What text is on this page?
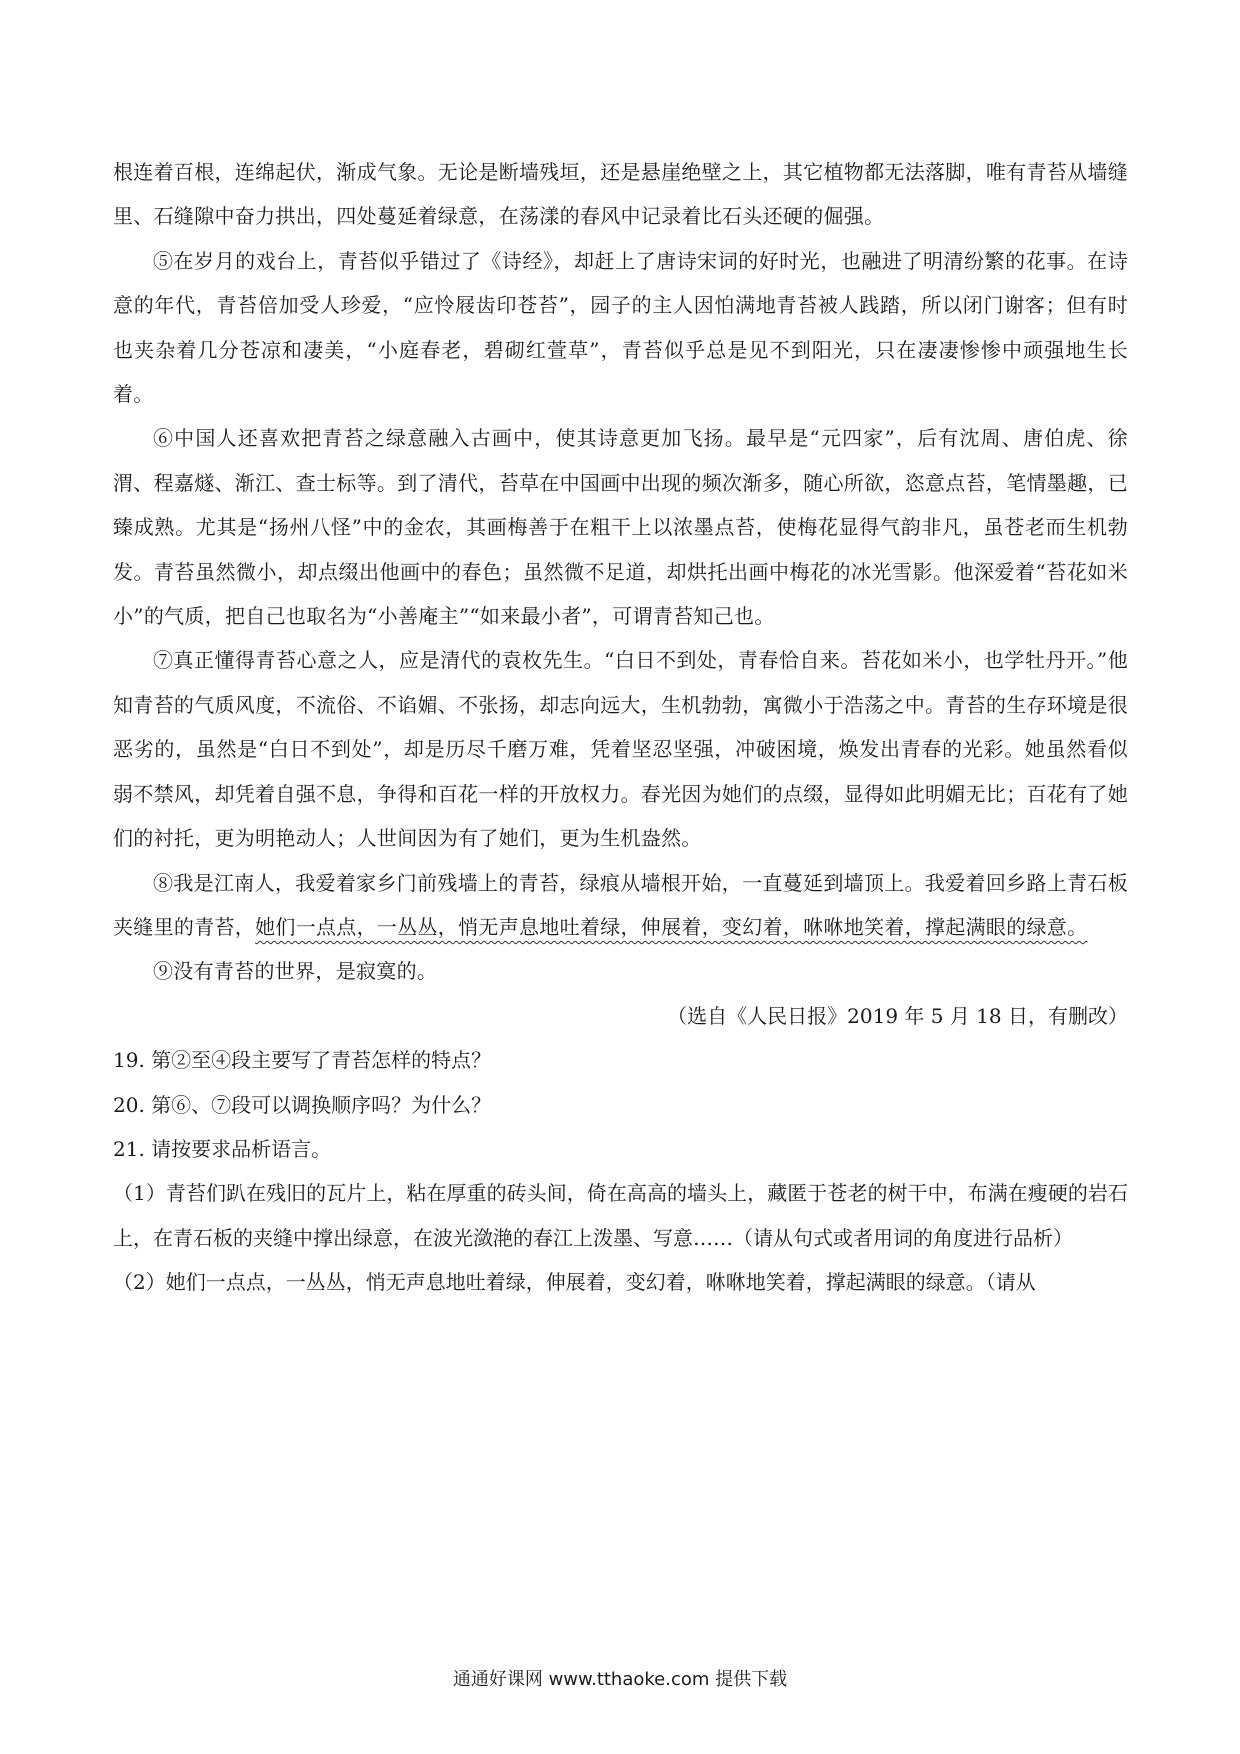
根连着百根，连绵起伏，渐成气象。无论是断墙残垣，还是悬崖绝壁之上，其它植物都无法落脚，唯有青苔从墙缝里、石缝隙中奋力拱出，四处蔓延着绿意，在荡漾的春风中记录着比石头还硬的倔强。

⑤在岁月的戏台上，青苔似乎错过了《诗经》，却赶上了唐诗宋词的好时光，也融进了明清纷繁的花事。在诗意的年代，青苔倍加受人珍爱，“应怜屐齿印苍苔”，园子的主人因怕满地青苔被人践踏，所以闭门谢客；但有时也夹杂着几分苍凉和凄美，“小庭春老，碧砌红萱草”，青苔似乎总是见不到阳光，只在凄凄惨惨中顽强地生长着。

⑥中国人还喜欢把青苔之绿意融入古画中，使其诗意更加飞扬。最早是“元四家”，后有沈周、唐伯虎、徐渭、程嘉燧、渐江、查士标等。到了清代，苔草在中国画中出现的频次渐多，随心所欲，恣意点苔，笔情墨趣，已臻成熟。尤其是“扬州八怪”中的金农，其画梅善于在粗干上以浓墨点苔，使梅花显得气韵非凡，虽苍老而生机勃发。青苔虽然微小，却点缀出他画中的春色；虽然微不足道，却烘托出画中梅花的冰光雪影。他深爱着“苔花如米小”的气质，把自己也取名为“小善庵主”“如来最小者”，可谓青苔知己也。

⑦真正懂得青苔心意之人，应是清代的袁枚先生。“白日不到处，青春恰自来。苔花如米小，也学牡丹开。”他知青苔的气质风度，不流俗、不谄媚、不张扬，却志向远大，生机勃勃，寓微小于浩荡之中。青苔的生存环境是很恶劣的，虽然是“白日不到处”，却是历尽千磨万难，凭着坚忍坚强，冲破困境，焕发出青春的光彩。她虽然看似弱不禁风，却凭着自强不息，争得和百花一样的开放权力。春光因为她们的点缀，显得如此明媚无比；百花有了她们的衬托，更为明艳动人；人世间因为有了她们，更为生机盎然。

⑧我是江南人，我爱着家乡门前残墙上的青苔，绿痕从墙根开始，一直蔓延到墙顶上。我爱着回乡路上青石板夹缝里的青苔，她们一点点，一丛丛，悄无声息地吐着绿，伸展着，变幻着，咻咻地笑着，撑起满眼的绿意。

⑨没有青苔的世界，是寂寞的。

（选自《人民日报》2019 年 5 月 18 日，有删改）

19. 第②至④段主要写了青苔怎样的特点？

20. 第⑥、⑦段可以调换顺序吗？为什么？

21. 请按要求品析语言。

（1）青苔们趴在残旧的瓦片上，粘在厚重的砖头间，倚在高高的墙头上，藏匿于苍老的树干中，布满在瘦硬的岩石上，在青石板的夹缝中撑出绿意，在波光潋滟的春江上泼墨、写意……（请从句式或者用词的角度进行品析）

（2）她们一点点，一丛丛，悄无声息地吐着绿，伸展着，变幻着，咻咻地笑着，撑起满眼的绿意。（请从

通通好课网 www.tthaoke.com 提供下载
